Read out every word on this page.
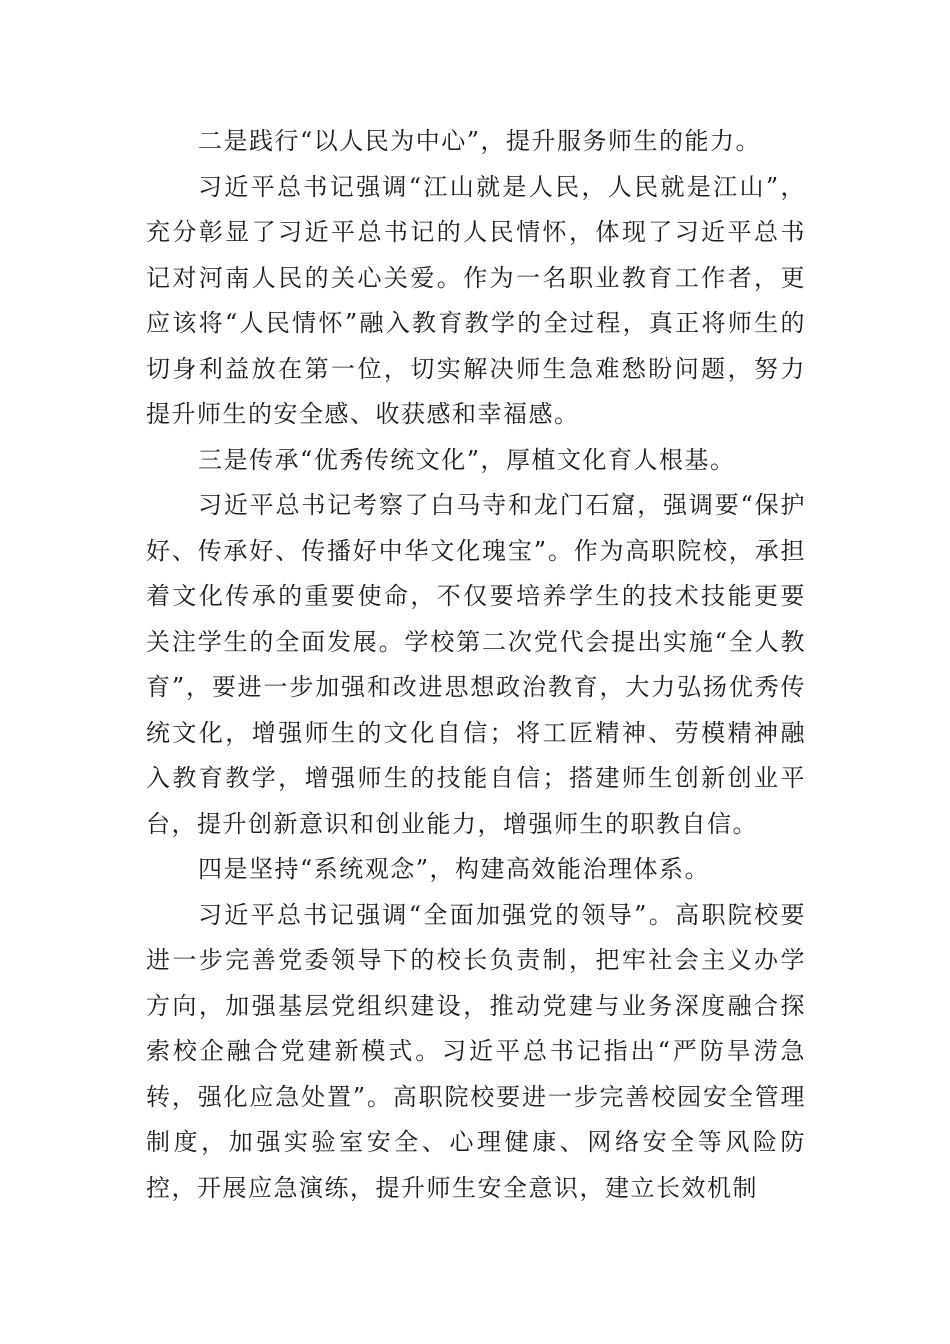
二是践行“以人民为中心”，提升服务师生的能力。

习近平总书记强调“江山就是人民，人民就是江山”，充分彰显了习近平总书记的人民情怀，体现了习近平总书记对河南人民的关心关爱。作为一名职业教育工作者，更应该将“人民情怀”融入教育教学的全过程，真正将师生的切身利益放在第一位，切实解决师生急难愁盼问题，努力提升师生的安全感、收获感和幸福感。

三是传承“优秀传统文化”，厚植文化育人根基。

习近平总书记考察了白马寺和龙门石窟，强调要“保护好、传承好、传播好中华文化瑰宝”。作为高职院校，承担着文化传承的重要使命，不仅要培养学生的技术技能更要关注学生的全面发展。学校第二次党代会提出实施“全人教育”，要进一步加强和改进思想政治教育，大力弘扬优秀传统文化，增强师生的文化自信；将工匠精神、劳模精神融入教育教学，增强师生的技能自信；搭建师生创新创业平台，提升创新意识和创业能力，增强师生的职教自信。

四是坚持“系统观念”，构建高效能治理体系。

习近平总书记强调“全面加强党的领导”。高职院校要进一步完善党委领导下的校长负责制，把牢社会主义办学方向，加强基层党组织建设，推动党建与业务深度融合探索校企融合党建新模式。习近平总书记指出“严防旱涝急转，强化应急处置”。高职院校要进一步完善校园安全管理制度，加强实验室安全、心理健康、网络安全等风险防控，开展应急演练，提升师生安全意识，建立长效机制
